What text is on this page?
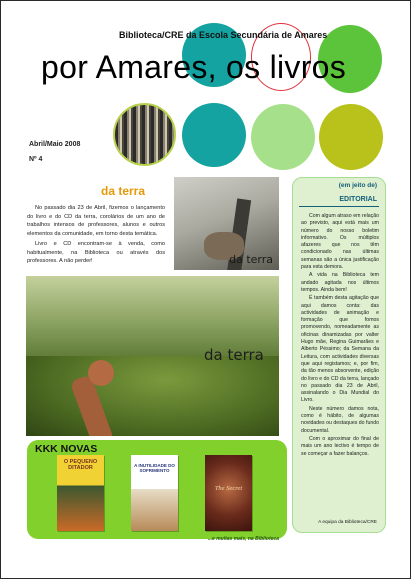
Biblioteca/CRE da Escola Secundária de Amares
por Amares, os livros
Abril/Maio 2008
Nº 4
da terra

No passado dia 23 de Abril, fizemos o lançamento do livro e do CD da terra, corolários de um ano de trabalhos intensos de professores, alunos e outros elementos da comunidade, em torno desta temática.

Livro e CD encontram-se à venda, como habitualmente, na Biblioteca ou através dos professores. A não perder!	da terra
da terra
(em jeito de)
EDITORIAL

Com algum atraso em relação ao previsto, aqui está mais um número do nosso boletim informativo. Os múltiplos afazeres que nos têm condicionado nas últimas semanas são a única justificação para esta demora.

A vida na Biblioteca tem andado agitada nos últimos tempos. Ainda bem!

É também desta agitação que aqui damos conta: das actividades de animação e formação que fomos promovendo, nomeadamente as oficinas dinamizadas por valter Hugo mãe, Regina Guimarães e Alberto Péssimo; da Semana da Leitura, com actividades diversas que aqui registamos; e, por fim, da tão menos absorvente, edição do livro e do CD da terra, lançado no passado dia 23 de Abril, assinalando o Dia Mundial do Livro.

Neste número damos nota, como é hábito, de algumas novidades ou destaques do fundo documental.

Com o aproximar do final de mais um ano lectivo é tempo de se começar a fazer balanços.

A equipa da Biblioteca/CRE
KKK NOVAS
O PEQUENO DITADOR	A INUTILIDADE DO SOFRIMENTO
The Secret
...e muitas mais, na Biblioteca
